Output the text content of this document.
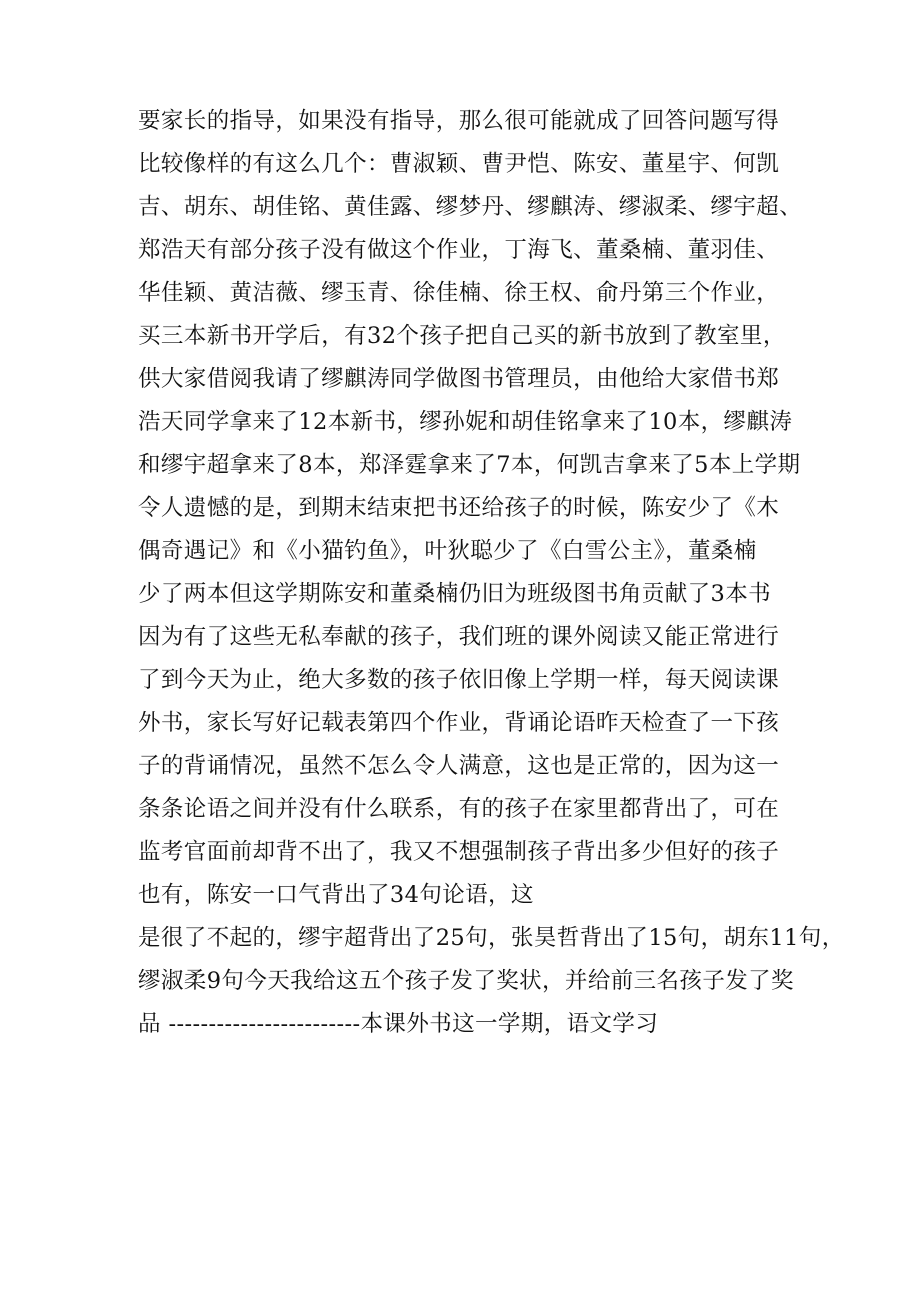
要家长的指导，如果没有指导，那么很可能就成了回答问题写得
比较像样的有这么几个：曹淑颖、曹尹恺、陈安、董星宇、何凯
吉、胡东、胡佳铭、黄佳露、缪梦丹、缪麒涛、缪淑柔、缪宇超、
郑浩天有部分孩子没有做这个作业，丁海飞、董桑楠、董羽佳、
华佳颖、黄洁薇、缪玉青、徐佳楠、徐王权、俞丹第三个作业，
买三本新书开学后，有32个孩子把自己买的新书放到了教室里，
供大家借阅我请了缪麒涛同学做图书管理员，由他给大家借书郑
浩天同学拿来了12本新书，缪孙妮和胡佳铭拿来了10本，缪麒涛
和缪宇超拿来了8本，郑泽霆拿来了7本，何凯吉拿来了5本上学期
令人遗憾的是，到期末结束把书还给孩子的时候，陈安少了《木
偶奇遇记》和《小猫钓鱼》，叶狄聪少了《白雪公主》，董桑楠
少了两本但这学期陈安和董桑楠仍旧为班级图书角贡献了3本书
因为有了这些无私奉献的孩子，我们班的课外阅读又能正常进行
了到今天为止，绝大多数的孩子依旧像上学期一样，每天阅读课
外书，家长写好记载表第四个作业，背诵论语昨天检查了一下孩
子的背诵情况，虽然不怎么令人满意，这也是正常的，因为这一
条条论语之间并没有什么联系，有的孩子在家里都背出了，可在
监考官面前却背不出了，我又不想强制孩子背出多少但好的孩子
也有，陈安一口气背出了34句论语，这
是很了不起的，缪宇超背出了25句，张昊哲背出了15句，胡东11句，
缪淑柔9句今天我给这五个孩子发了奖状，并给前三名孩子发了奖
品 ------------------------本课外书这一学期，语文学习
